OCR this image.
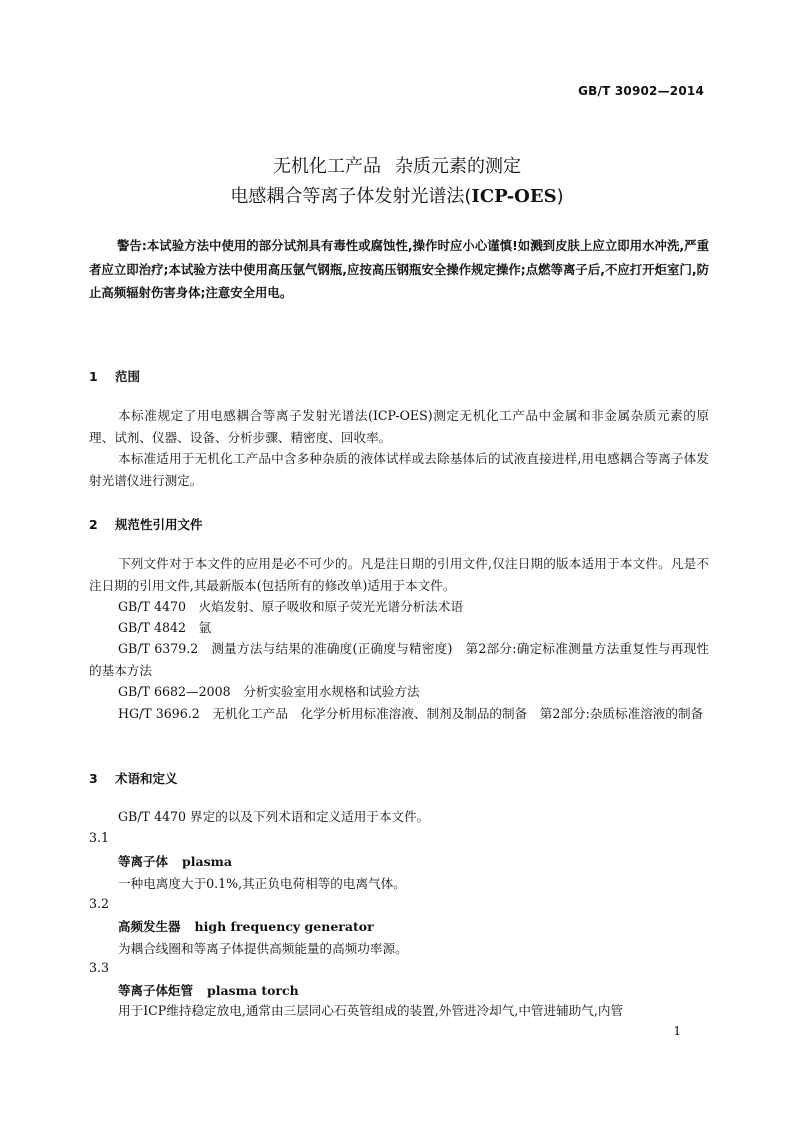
GB/T 30902—2014
无机化工产品 杂质元素的测定
电感耦合等离子体发射光谱法(ICP-OES)

警告:本试验方法中使用的部分试剂具有毒性或腐蚀性,操作时应小心谨慎!如溅到皮肤上应立即用水冲洗,严重者应立即治疗;本试验方法中使用高压氩气钢瓶,应按高压钢瓶安全操作规定操作;点燃等离子后,不应打开炬室门,防止高频辐射伤害身体;注意安全用电。

1 范围

本标准规定了用电感耦合等离子发射光谱法(ICP-OES)测定无机化工产品中金属和非金属杂质元素的原理、试剂、仪器、设备、分析步骤、精密度、回收率。

本标准适用于无机化工产品中含多种杂质的液体试样或去除基体后的试液直接进样,用电感耦合等离子体发射光谱仪进行测定。

2 规范性引用文件

下列文件对于本文件的应用是必不可少的。凡是注日期的引用文件,仅注日期的版本适用于本文件。凡是不注日期的引用文件,其最新版本(包括所有的修改单)适用于本文件。

GB/T 4470　火焰发射、原子吸收和原子荧光光谱分析法术语

GB/T 4842　氩

GB/T 6379.2　测量方法与结果的准确度(正确度与精密度)　第2部分:确定标准测量方法重复性与再现性的基本方法

GB/T 6682—2008　分析实验室用水规格和试验方法

HG/T 3696.2　无机化工产品　化学分析用标准溶液、制剂及制品的制备　第2部分:杂质标准溶液的制备

3 术语和定义

GB/T 4470 界定的以及下列术语和定义适用于本文件。

3.1
等离子体 plasma

一种电离度大于0.1%,其正负电荷相等的电离气体。

3.2
高频发生器 high frequency generator

为耦合线圈和等离子体提供高频能量的高频功率源。

3.3
等离子体炬管 plasma torch

用于ICP维持稳定放电,通常由三层同心石英管组成的装置,外管进冷却气,中管进辅助气,内管

1
